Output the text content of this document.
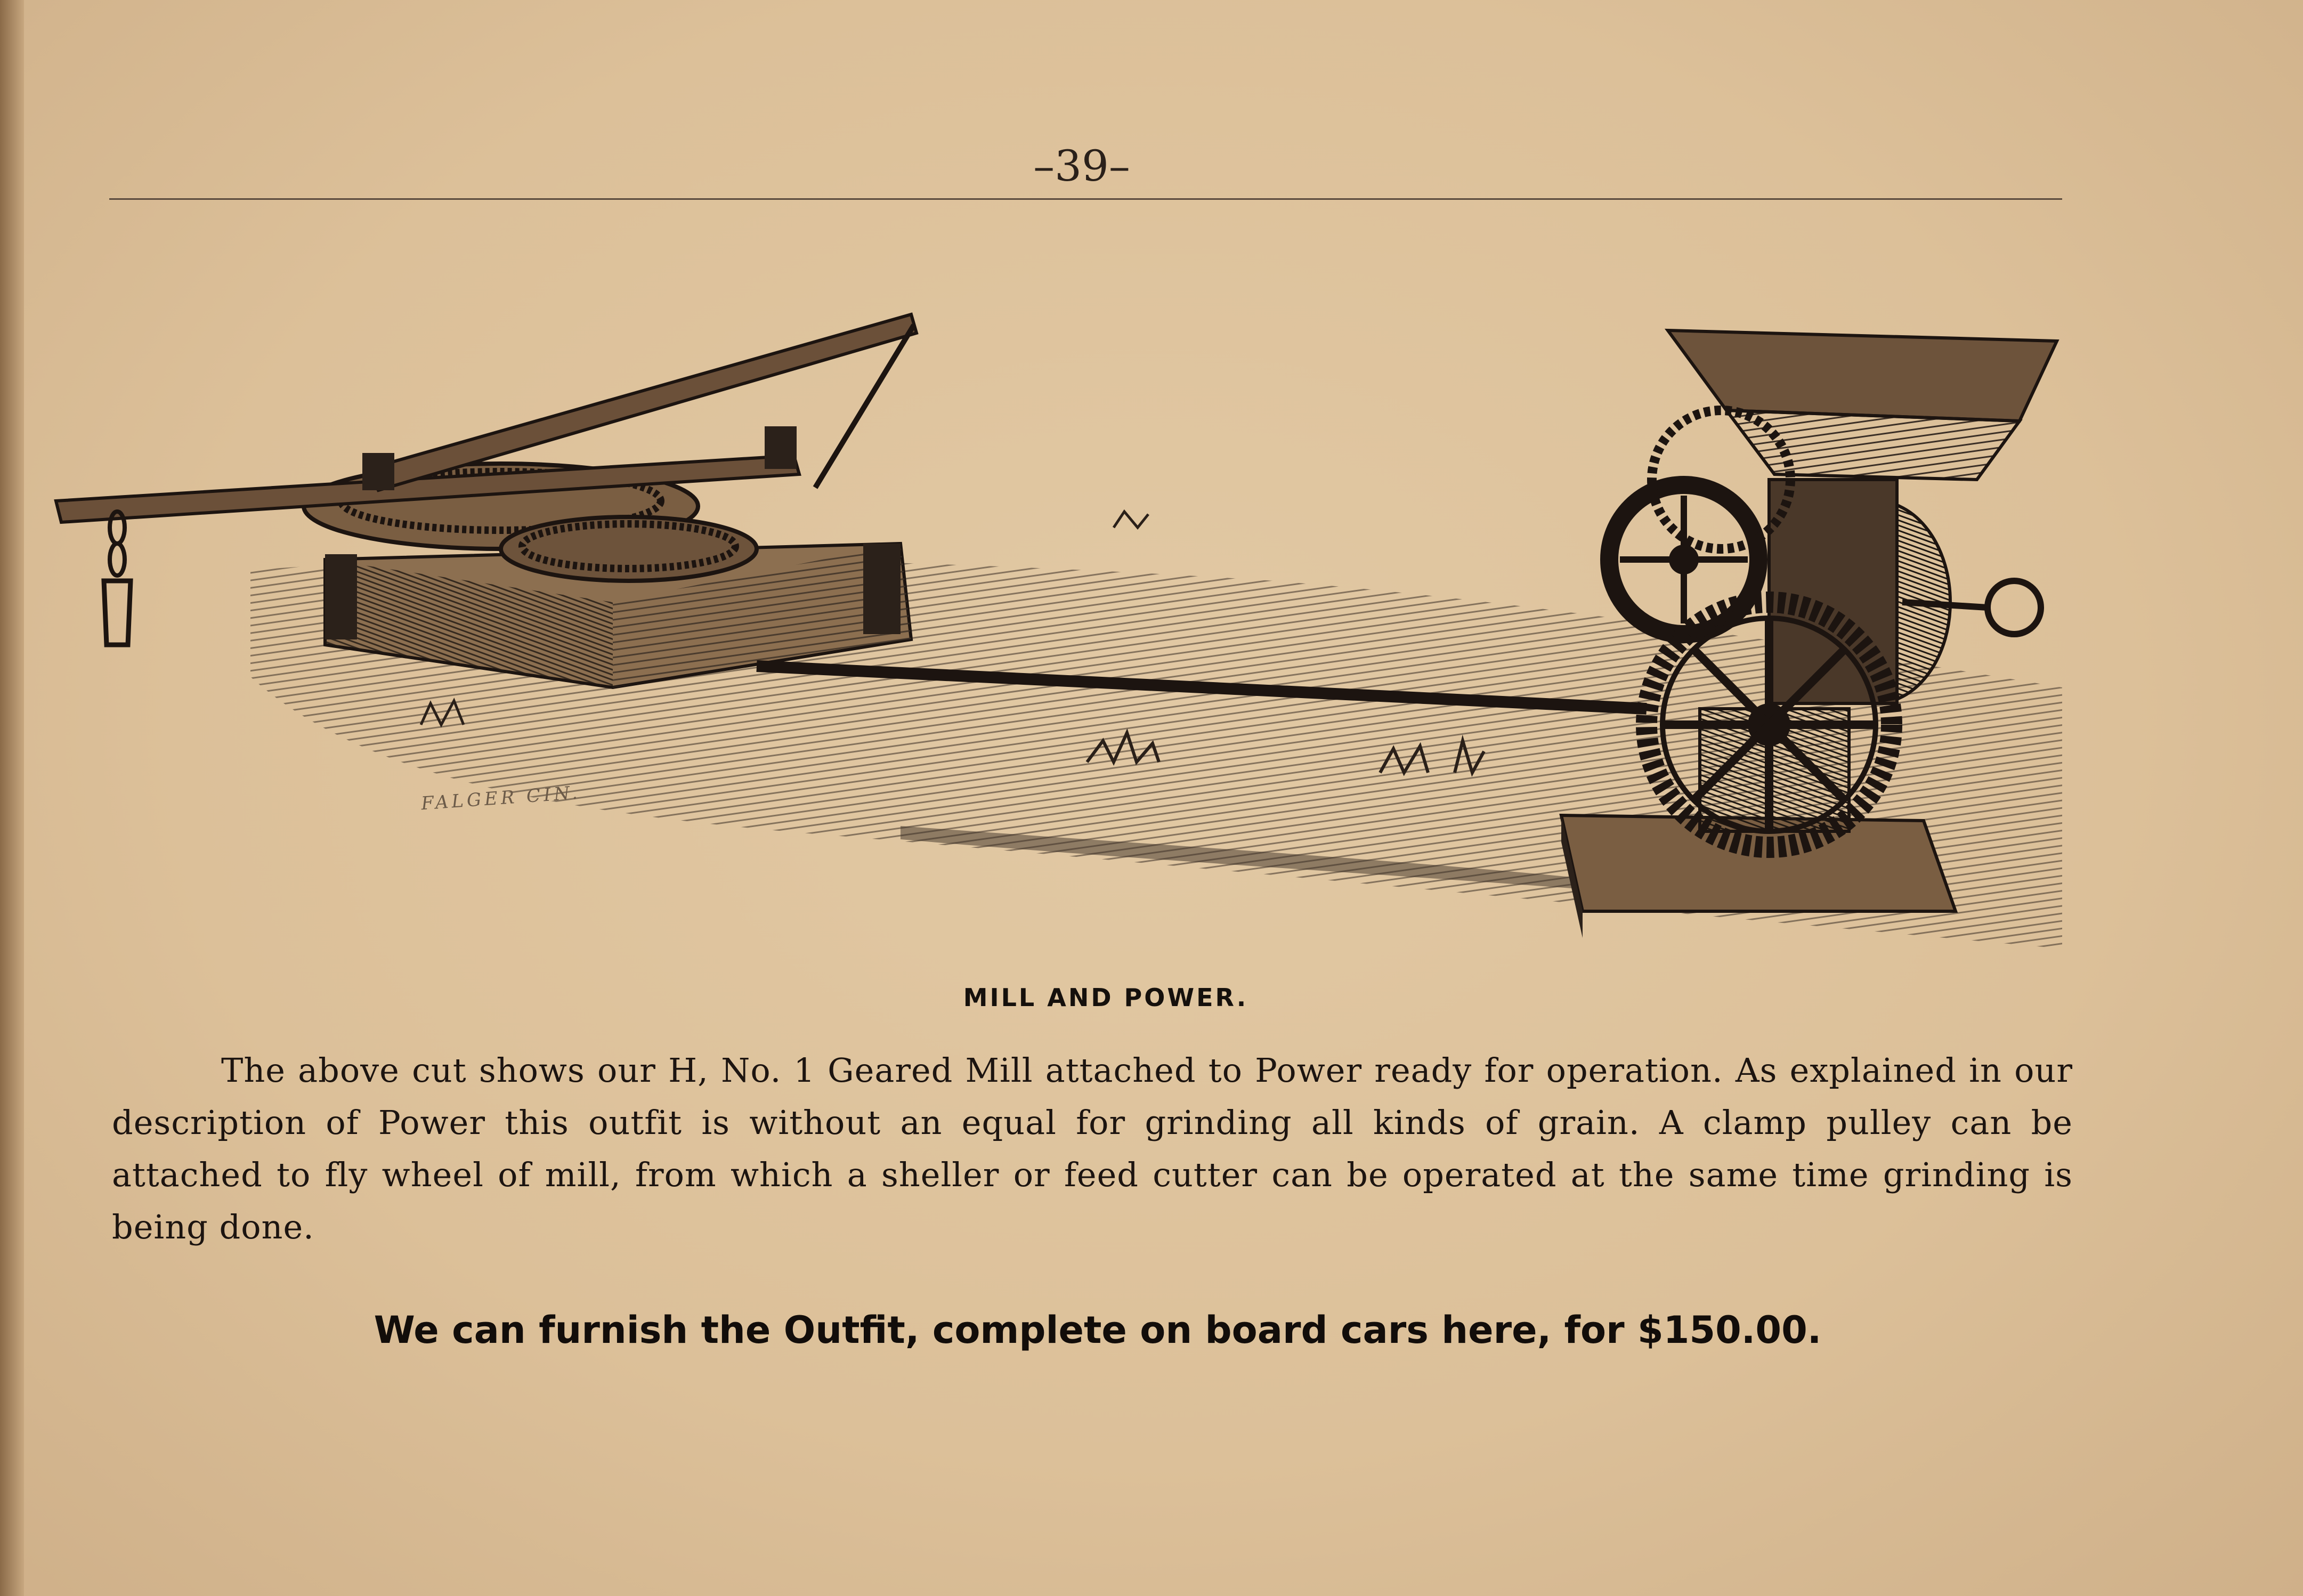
–39–
FALGER CIN.
MILL AND POWER.
The above cut shows our H, No. 1 Geared Mill attached to Power ready for operation. As explained in our description of Power this outfit is without an equal for grinding all kinds of grain. A clamp pulley can be attached to fly wheel of mill, from which a sheller or feed cutter can be operated at the same time grinding is being done.
We can furnish the Outfit, complete on board cars here, for $150.00.
